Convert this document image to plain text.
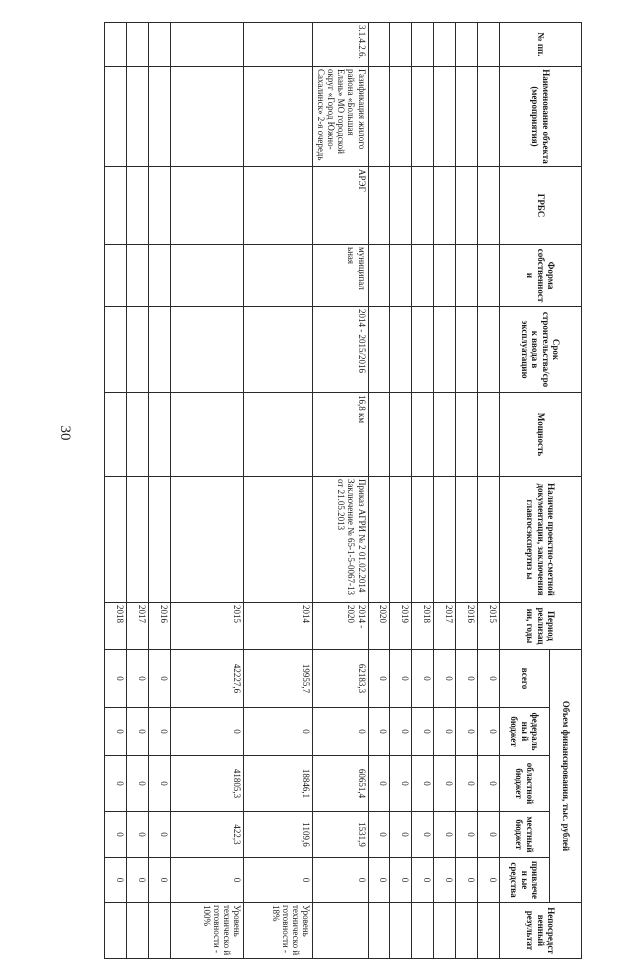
30
№ пп.	Наименование объекта (мероприятия)	ГРБС	Форма собственности	Срок строительства/сро к ввода в эксплуатацию	Мощность	Наличие проектно-сметной документации, заключения главгосэкспертиз ы	Период реализации, годы	Объем финансирования, тыс. рублей					Непосредст венный результат
								всего	федеральны й бюджет	областной бюджет	местный бюджет	привлечен ые средства	
							2015	0	0	0	0	0	
							2016	0	0	0	0	0	
							2017	0	0	0	0	0	
							2018	0	0	0	0	0	
							2019	0	0	0	0	0	
							2020	0	0	0	0	0	
3.1.4.2.6.	Газификация жилого района «Большая Елань» МО городской округ «Город Южно-Сахалинск» 2-я очередь	АРЭГ	муниципал ьная	2014 - 2015/2016	16,8 км	Приказ АГРИ № 2 01.02.2014 Заключение № 65-1-5-0067-13 от 21.05.2013	2014 - 2020	62183,3	0	60651,4	1531,9	0	
							2014	19955,7	0	18846,1	1109,6	0	Уровень техническо й готовности - 18%
							2015	42227,6	0	41805,3	422,3	0	Уровень техническо й готовности - 100%
							2016	0	0	0	0	0	
							2017	0	0	0	0	0	
							2018	0	0	0	0	0	
